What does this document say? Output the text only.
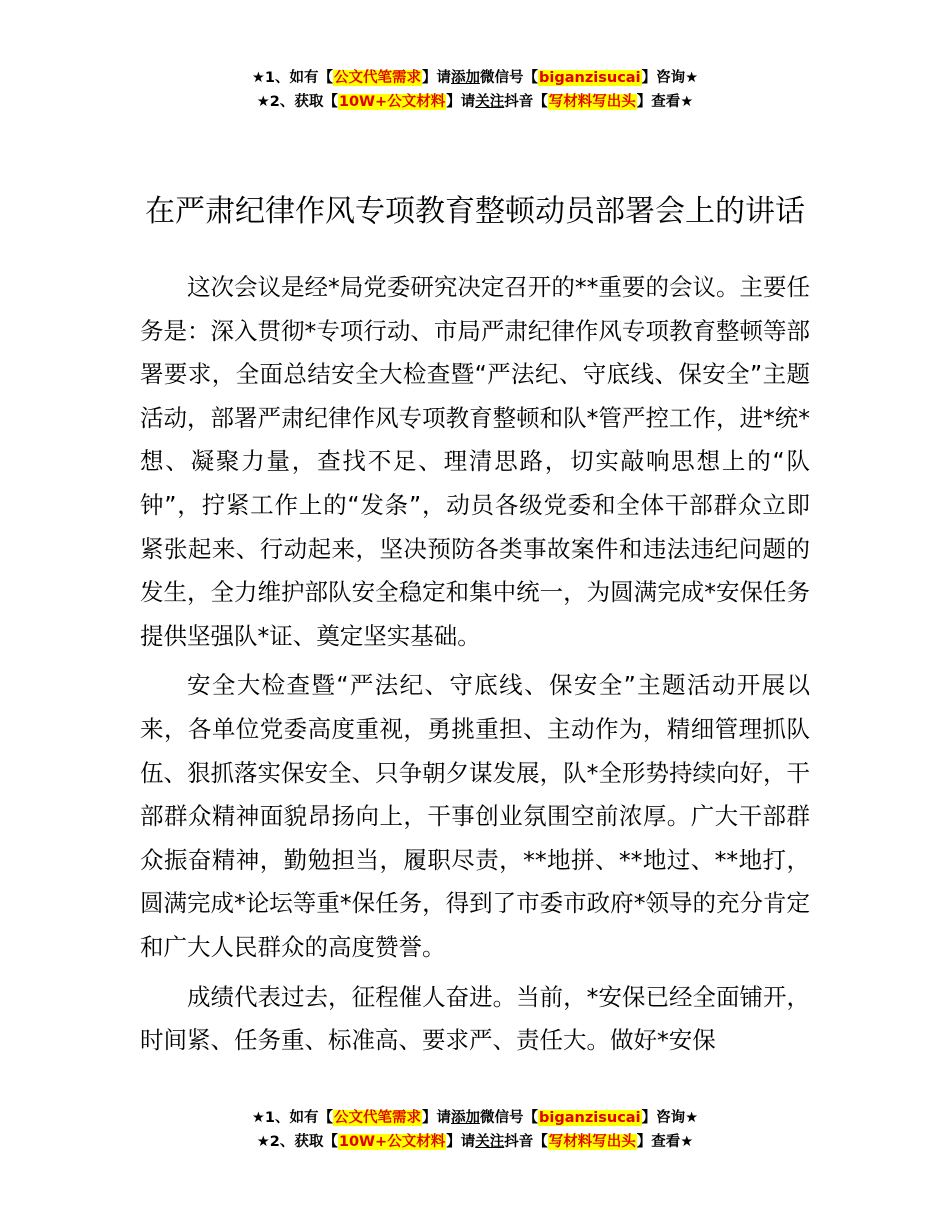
★1、如有【公文代笔需求】请添加微信号【biganzisucai】咨询★
★2、获取【10W+公文材料】请关注抖音【写材料写出头】查看★
在严肃纪律作风专项教育整顿动员部署会上的讲话

这次会议是经*局党委研究决定召开的**重要的会议。主要任务是：深入贯彻*专项行动、市局严肃纪律作风专项教育整顿等部署要求，全面总结安全大检查暨“严法纪、守底线、保安全”主题活动，部署严肃纪律作风专项教育整顿和队*管严控工作，进*统*想、凝聚力量，查找不足、理清思路，切实敲响思想上的“队钟”，拧紧工作上的“发条”，动员各级党委和全体干部群众立即紧张起来、行动起来，坚决预防各类事故案件和违法违纪问题的发生，全力维护部队安全稳定和集中统一，为圆满完成*安保任务提供坚强队*证、奠定坚实基础。

安全大检查暨“严法纪、守底线、保安全”主题活动开展以来，各单位党委高度重视，勇挑重担、主动作为，精细管理抓队伍、狠抓落实保安全、只争朝夕谋发展，队*全形势持续向好，干部群众精神面貌昂扬向上，干事创业氛围空前浓厚。广大干部群众振奋精神，勤勉担当，履职尽责，**地拼、**地过、**地打，圆满完成*论坛等重*保任务，得到了市委市政府*领导的充分肯定和广大人民群众的高度赞誉。

成绩代表过去，征程催人奋进。当前，*安保已经全面铺开，时间紧、任务重、标准高、要求严、责任大。做好*安保

★1、如有【公文代笔需求】请添加微信号【biganzisucai】咨询★
★2、获取【10W+公文材料】请关注抖音【写材料写出头】查看★
